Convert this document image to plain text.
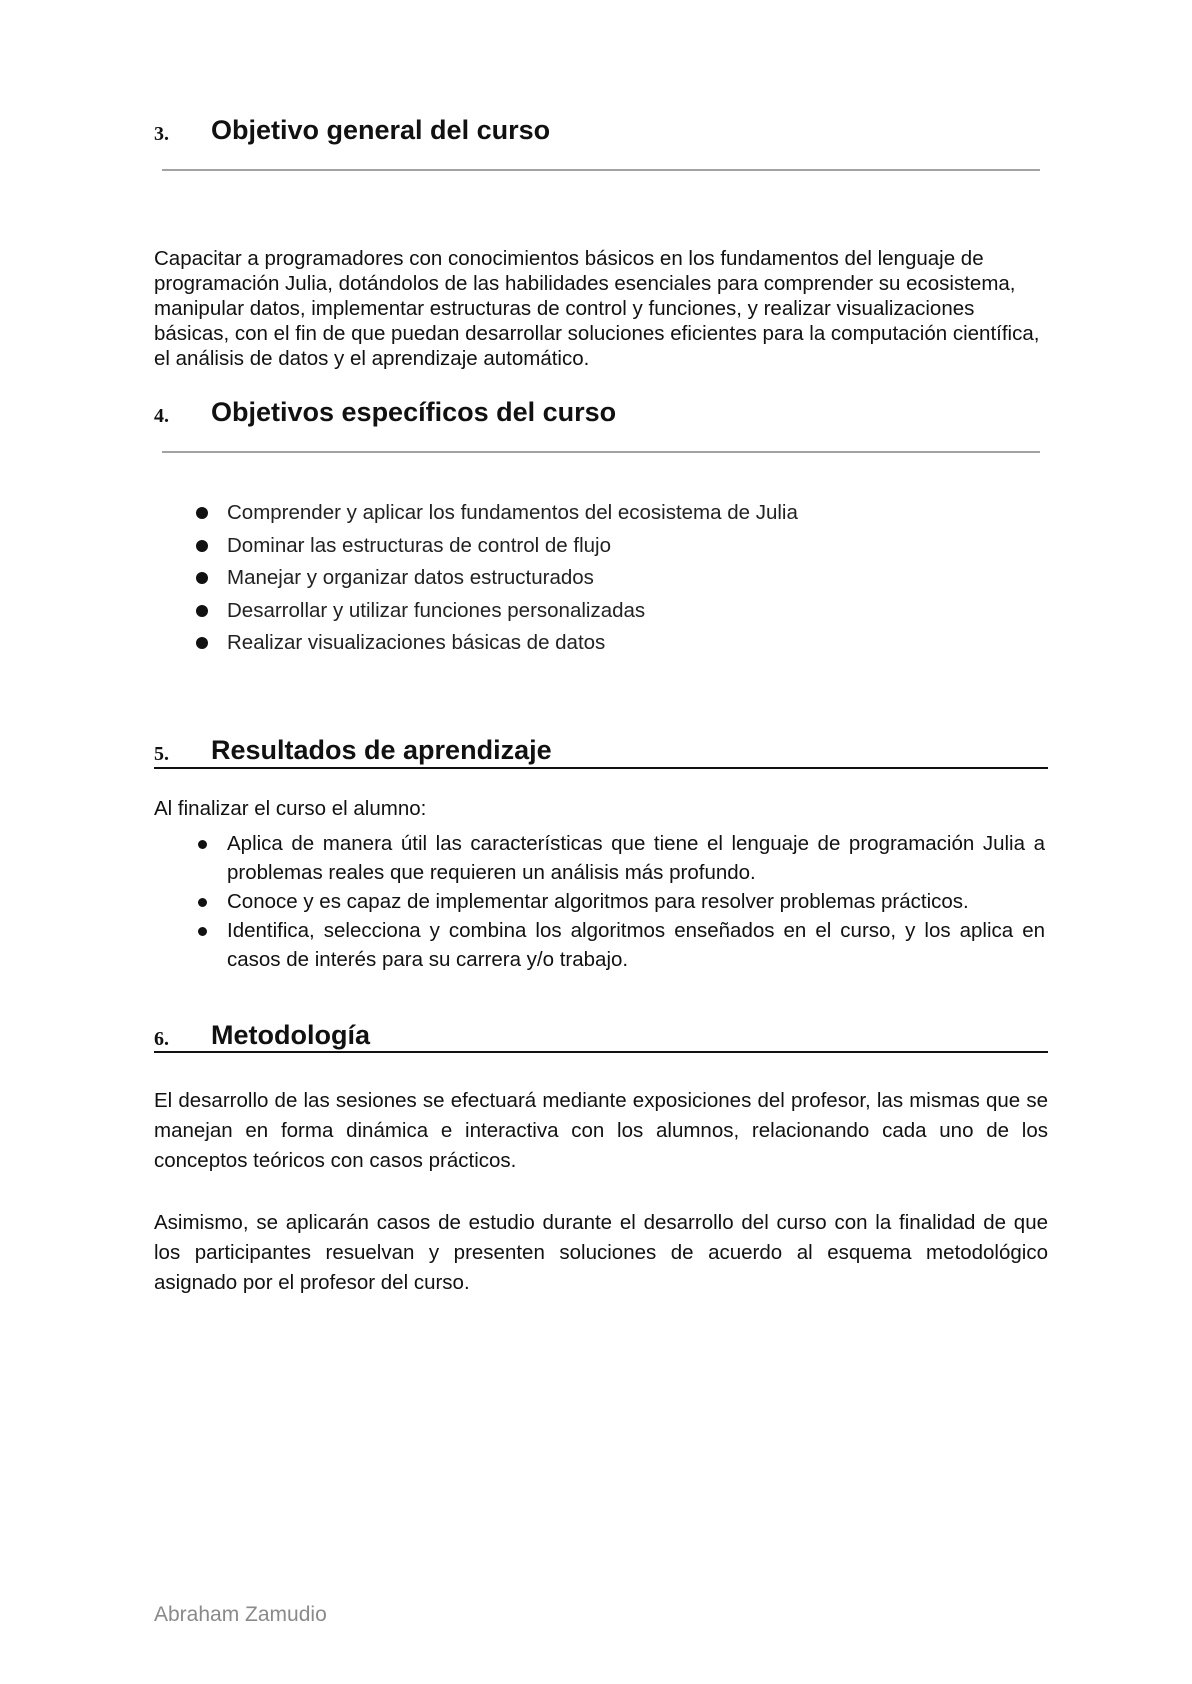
3. Objetivo general del curso
Capacitar a programadores con conocimientos básicos en los fundamentos del lenguaje de programación Julia, dotándolos de las habilidades esenciales para comprender su ecosistema, manipular datos, implementar estructuras de control y funciones, y realizar visualizaciones básicas, con el fin de que puedan desarrollar soluciones eficientes para la computación científica, el análisis de datos y el aprendizaje automático.
4. Objetivos específicos del curso
Comprender y aplicar los fundamentos del ecosistema de Julia
Dominar las estructuras de control de flujo
Manejar y organizar datos estructurados
Desarrollar y utilizar funciones personalizadas
Realizar visualizaciones básicas de datos
5. Resultados de aprendizaje
Al finalizar el curso el alumno:
Aplica de manera útil las características que tiene el lenguaje de programación Julia a problemas reales que requieren un análisis más profundo.
Conoce y es capaz de implementar algoritmos para resolver problemas prácticos.
Identifica, selecciona y combina los algoritmos enseñados en el curso, y los aplica en casos de interés para su carrera y/o trabajo.
6. Metodología
El desarrollo de las sesiones se efectuará mediante exposiciones del profesor, las mismas que se manejan en forma dinámica e interactiva con los alumnos, relacionando cada uno de los conceptos teóricos con casos prácticos.
Asimismo, se aplicarán casos de estudio durante el desarrollo del curso con la finalidad de que los participantes resuelvan y presenten soluciones de acuerdo al esquema metodológico asignado por el profesor del curso.
Abraham Zamudio
